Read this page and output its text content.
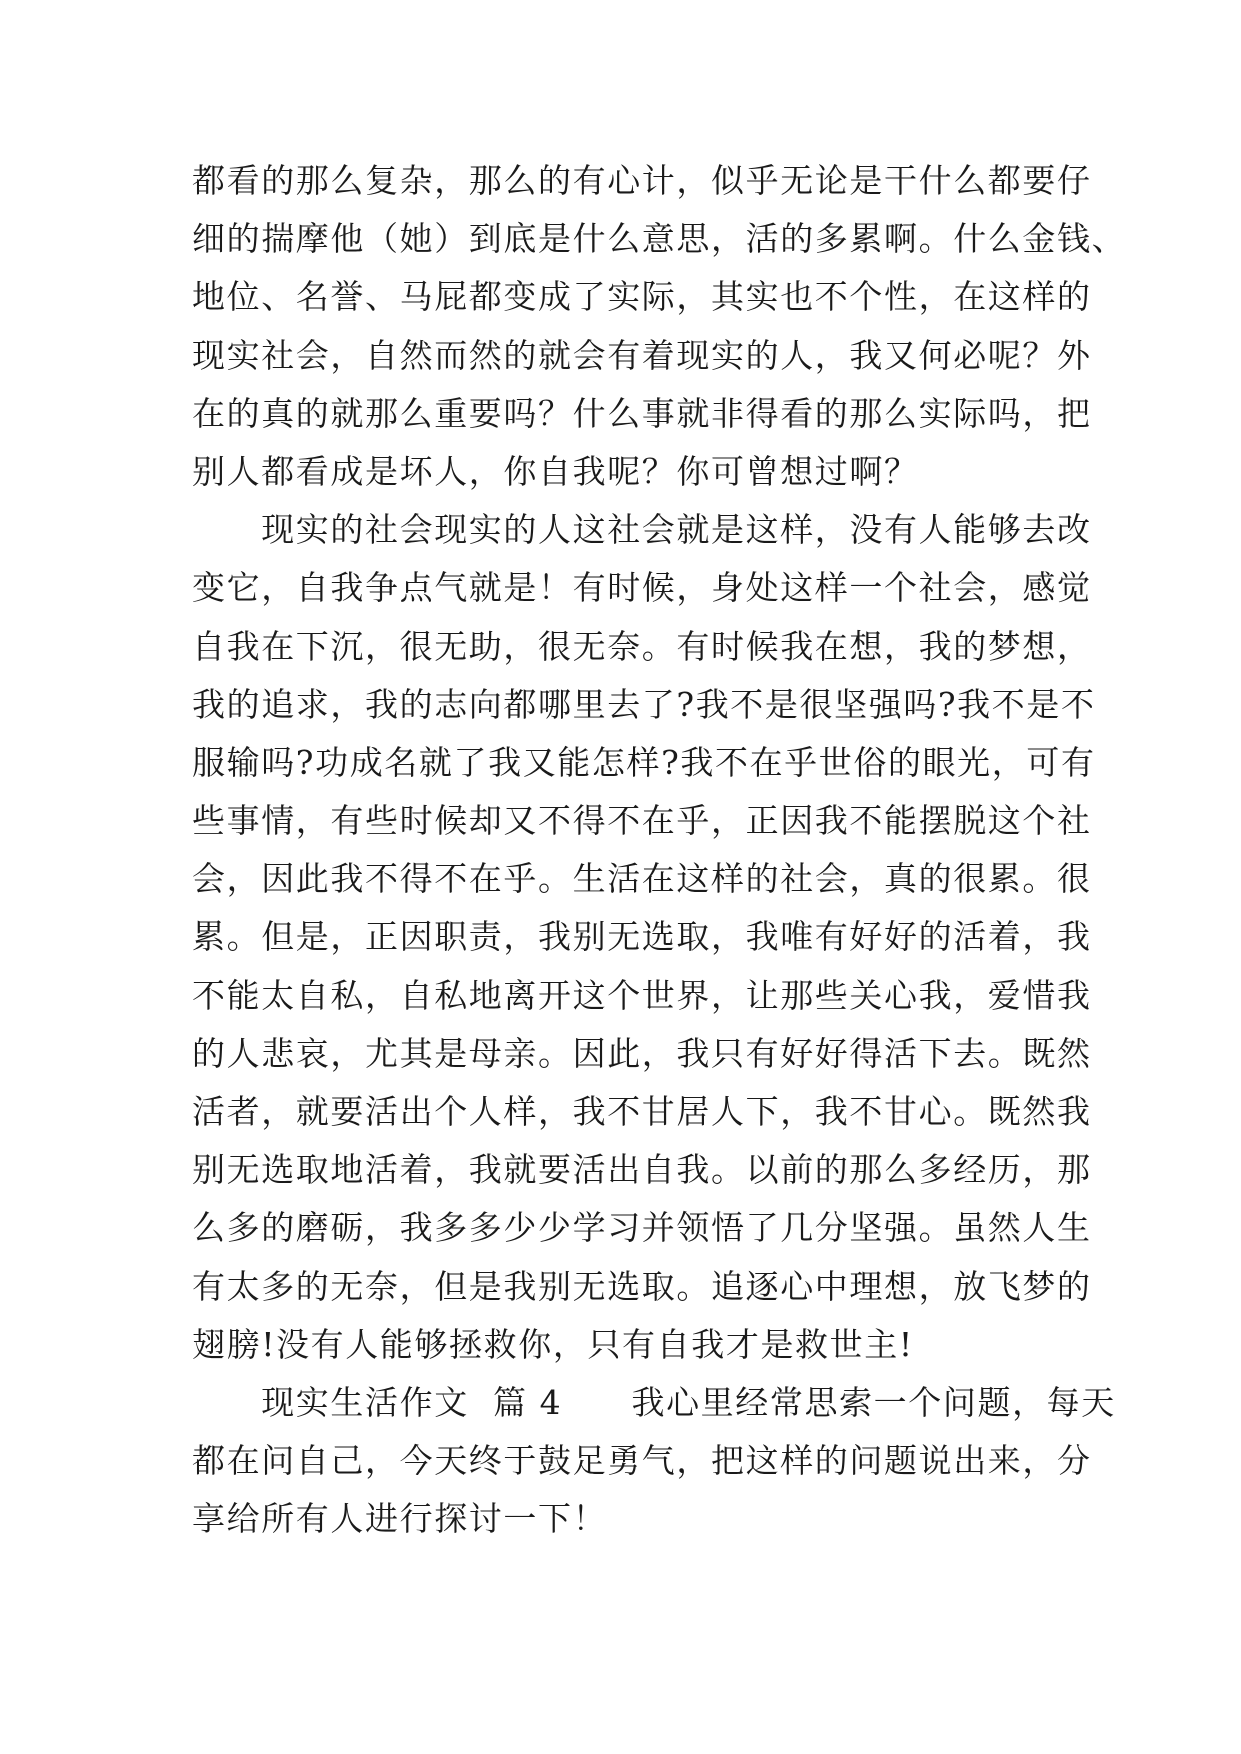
都看的那么复杂，那么的有心计，似乎无论是干什么都要仔
细的揣摩他（她）到底是什么意思，活的多累啊。什么金钱、
地位、名誉、马屁都变成了实际，其实也不个性，在这样的
现实社会，自然而然的就会有着现实的人，我又何必呢？外
在的真的就那么重要吗？什么事就非得看的那么实际吗，把
别人都看成是坏人，你自我呢？你可曾想过啊？
　　现实的社会现实的人这社会就是这样，没有人能够去改
变它，自我争点气就是！有时候，身处这样一个社会，感觉
自我在下沉，很无助，很无奈。有时候我在想，我的梦想，
我的追求，我的志向都哪里去了?我不是很坚强吗?我不是不
服输吗?功成名就了我又能怎样?我不在乎世俗的眼光，可有
些事情，有些时候却又不得不在乎，正因我不能摆脱这个社
会，因此我不得不在乎。生活在这样的社会，真的很累。很
累。但是，正因职责，我别无选取，我唯有好好的活着，我
不能太自私，自私地离开这个世界，让那些关心我，爱惜我
的人悲哀，尤其是母亲。因此，我只有好好得活下去。既然
活者，就要活出个人样，我不甘居人下，我不甘心。既然我
别无选取地活着，我就要活出自我。以前的那么多经历，那
么多的磨砺，我多多少少学习并领悟了几分坚强。虽然人生
有太多的无奈，但是我别无选取。追逐心中理想，放飞梦的
翅膀!没有人能够拯救你，只有自我才是救世主!
　　现实生活作文  篇 4　　我心里经常思索一个问题，每天
都在问自己，今天终于鼓足勇气，把这样的问题说出来，分
享给所有人进行探讨一下！
